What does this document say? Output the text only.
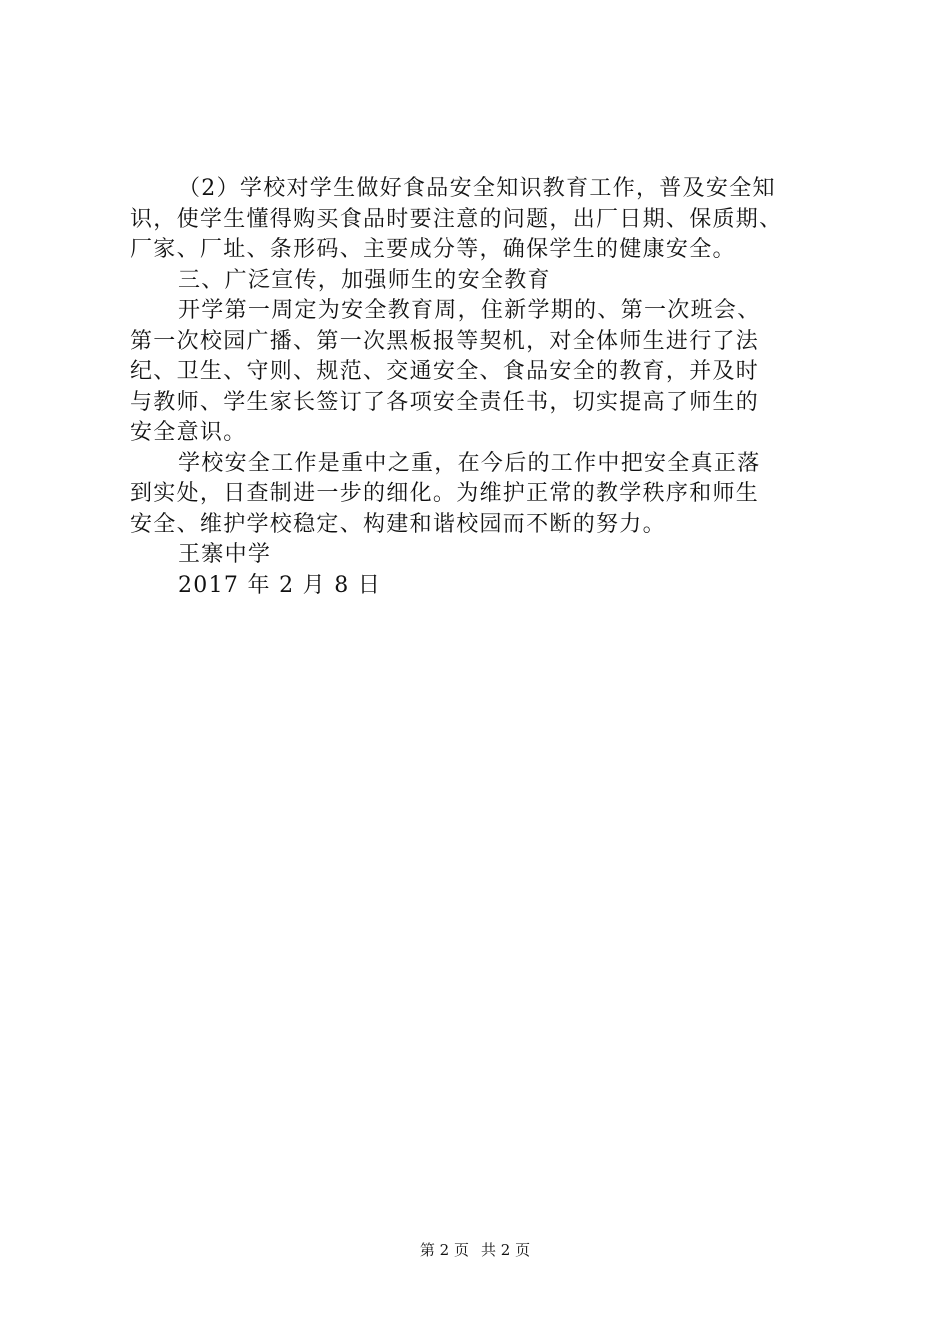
（2）学校对学生做好食品安全知识教育工作，普及安全知
识，使学生懂得购买食品时要注意的问题，出厂日期、保质期、
厂家、厂址、条形码、主要成分等，确保学生的健康安全。
三、广泛宣传，加强师生的安全教育
开学第一周定为安全教育周，住新学期的、第一次班会、
第一次校园广播、第一次黑板报等契机，对全体师生进行了法
纪、卫生、守则、规范、交通安全、食品安全的教育，并及时
与教师、学生家长签订了各项安全责任书，切实提高了师生的
安全意识。
学校安全工作是重中之重，在今后的工作中把安全真正落
到实处，日查制进一步的细化。为维护正常的教学秩序和师生
安全、维护学校稳定、构建和谐校园而不断的努力。
王寨中学
2017 年 2 月 8 日
第 2 页 共 2 页
